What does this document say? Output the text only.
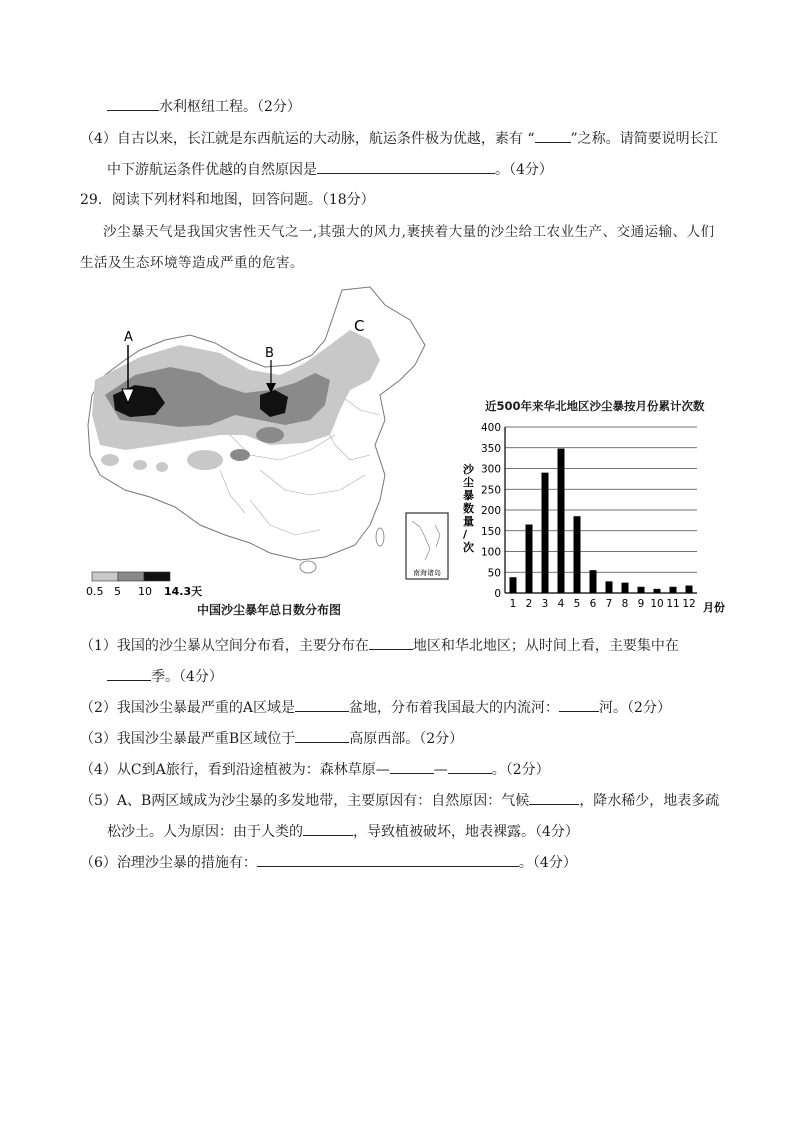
水利枢纽工程。（2分）
（4）自古以来，长江就是东西航运的大动脉，航运条件极为优越，素有 “	”之称。请简要说明长江
中下游航运条件优越的自然原因是	。（4分）
29．阅读下列材料和地图，回答问题。（18分）
沙尘暴天气是我国灾害性天气之一,其强大的风力,裹挟着大量的沙尘给工农业生产、交通运输、人们
生活及生态环境等造成严重的危害。
A
B
C
南海诸岛
0.5 5 10 14.3天
中国沙尘暴年总日数分布图
近500年来华北地区沙尘暴按月份累计次数
0
50
100
150
200
250
300
350
400
1 2 3 4 5 6 7 8 9 10 11 12
沙尘暴数量/次
月份
（1）我国的沙尘暴从空间分布看，主要分布在	地区和华北地区；从时间上看，主要集中在
季。（4分）
（2）我国沙尘暴最严重的A区域是	盆地，分布着我国最大的内流河：	河。（2分）
（3）我国沙尘暴最严重B区域位于	高原西部。（2分）
（4）从C到A旅行，看到沿途植被为：森林草原—	—	。（2分）
（5）A、B两区域成为沙尘暴的多发地带，主要原因有：自然原因：气候	，降水稀少，地表多疏
松沙土。人为原因：由于人类的	，导致植被破坏，地表裸露。（4分）
（6）治理沙尘暴的措施有：	。（4分）
